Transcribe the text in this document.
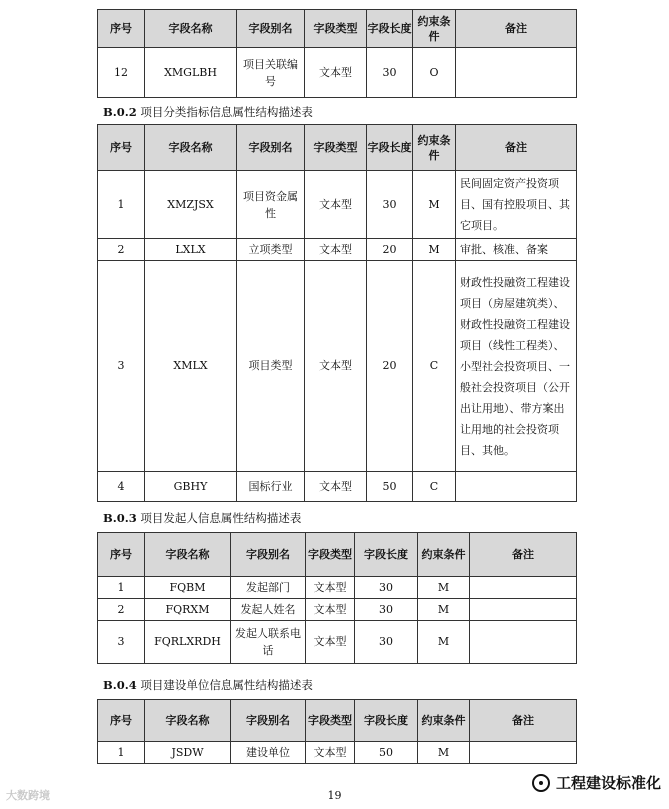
序号	字段名称	字段别名	字段类型	字段长度	约束条件	备注
12	XMGLBH	项目关联编号	文本型	30	O	
B.0.2 项目分类指标信息属性结构描述表
序号	字段名称	字段别名	字段类型	字段长度	约束条件	备注
1	XMZJSX	项目资金属性	文本型	30	M	民间固定资产投资项目、国有控股项目、其它项目。
2	LXLX	立项类型	文本型	20	M	审批、核准、备案
3	XMLX	项目类型	文本型	20	C	财政性投融资工程建设项目（房屋建筑类）、财政性投融资工程建设项目（线性工程类）、小型社会投资项目、一般社会投资项目（公开出让用地）、带方案出让用地的社会投资项目、其他。
4	GBHY	国标行业	文本型	50	C	
B.0.3 项目发起人信息属性结构描述表
序号	字段名称	字段别名	字段类型	字段长度	约束条件	备注
1	FQBM	发起部门	文本型	30	M	
2	FQRXM	发起人姓名	文本型	30	M	
3	FQRLXRDH	发起人联系电话	文本型	30	M	
B.0.4 项目建设单位信息属性结构描述表
序号	字段名称	字段别名	字段类型	字段长度	约束条件	备注
1	JSDW	建设单位	文本型	50	M	
19
大数跨境
工程建设标准化
